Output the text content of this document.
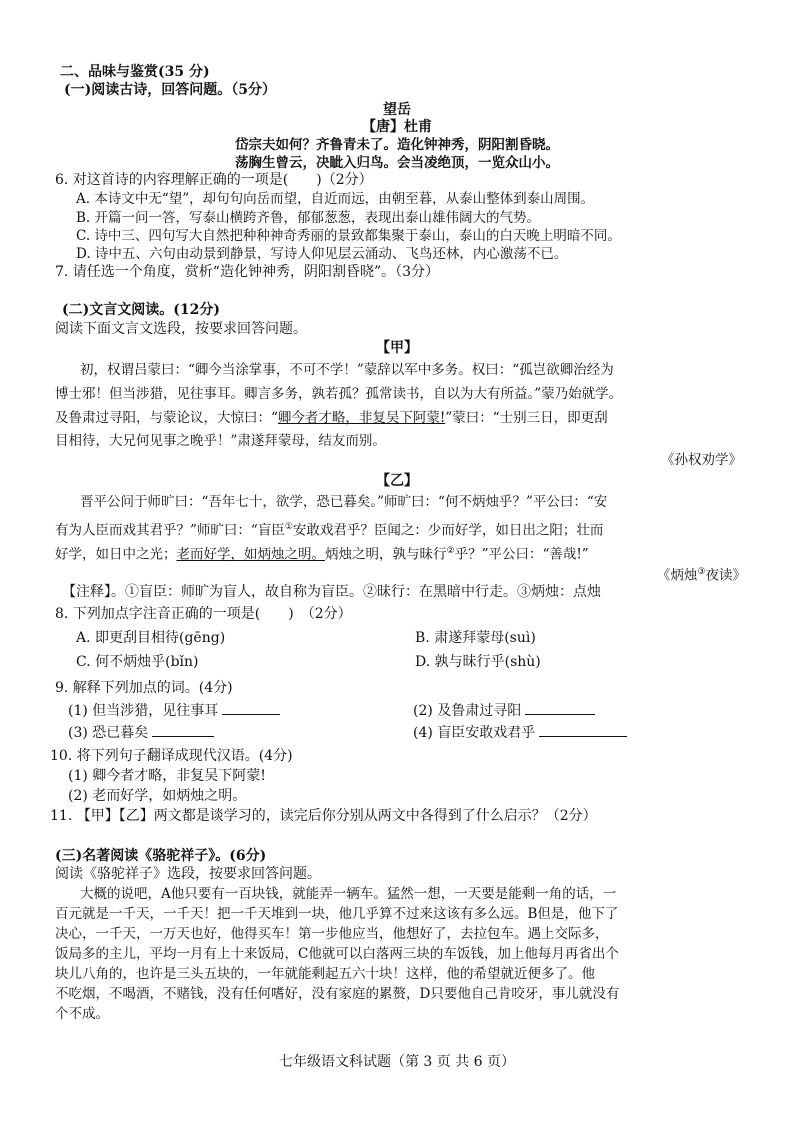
二、品味与鉴赏(35 分)
(一)阅读古诗，回答问题。（5分）
望岳
【唐】杜甫
岱宗夫如何？齐鲁青未了。造化钟神秀，阴阳割昏晓。
荡胸生曾云，决眦入归鸟。会当凌绝顶，一览众山小。
6. 对这首诗的内容理解正确的一项是(　　)（2分）
A. 本诗文中无“望”，却句句向岳而望，自近而远，由朝至暮，从泰山整体到泰山周围。
B. 开篇一问一答，写泰山横跨齐鲁，郁郁葱葱，表现出泰山雄伟阔大的气势。
C. 诗中三、四句写大自然把种种神奇秀丽的景致都集聚于泰山，泰山的白天晚上明暗不同。
D. 诗中五、六句由动景到静景，写诗人仰见层云涌动、飞鸟还林，内心激荡不已。
7. 请任选一个角度，赏析“造化钟神秀，阴阳割昏晓”。（3分）
(二)文言文阅读。(12分)
阅读下面文言文选段，按要求回答问题。
【甲】
初，权谓吕蒙曰：“卿今当涂掌事，不可不学！”蒙辞以军中多务。权曰：“孤岂欲卿治经为
博士邪！但当涉猎，见往事耳。卿言多务，孰若孤？孤常读书，自以为大有所益。”蒙乃始就学。
及鲁肃过寻阳，与蒙论议，大惊曰：“卿今者才略，非复吴下阿蒙!”蒙曰：“士别三日，即更刮
目相待，大兄何见事之晚乎！”肃遂拜蒙母，结友而别。
《孙权劝学》
【乙】
晋平公问于师旷曰：“吾年七十，欲学，恐已暮矣。”师旷曰：“何不炳烛乎？”平公曰：“安
有为人臣而戏其君乎？”师旷曰：“盲臣①安敢戏君乎？臣闻之：少而好学，如日出之阳；壮而
好学，如日中之光；老而好学，如炳烛之明。炳烛之明，孰与昧行②乎？”平公曰：“善哉!”
《炳烛③夜读》
【注释】。①盲臣：师旷为盲人，故自称为盲臣。②昧行：在黑暗中行走。③炳烛：点烛
8. 下列加点字注音正确的一项是(　　)　（2分）
A. 即更刮目相待(gēng)	B. 肃遂拜蒙母(suì)
C. 何不炳烛乎(bǐn)	D. 孰与昧行乎(shù)
9. 解释下列加点的词。(4分)
(1) 但当涉猎，见往事耳	(2) 及鲁肃过寻阳
(3) 恐已暮矣	(4) 盲臣安敢戏君乎
10. 将下列句子翻译成现代汉语。(4分)
(1) 卿今者才略，非复吴下阿蒙!
(2) 老而好学，如炳烛之明。
11. 【甲】【乙】两文都是谈学习的，读完后你分别从两文中各得到了什么启示？（2分）
(三)名著阅读《骆驼祥子》。(6分)
阅读《骆驼祥子》选段，按要求回答问题。
大概的说吧，A他只要有一百块钱，就能弄一辆车。猛然一想，一天要是能剩一角的话，一
百元就是一千天，一千天！把一千天堆到一块，他几乎算不过来这该有多么远。B但是，他下了
决心，一千天，一万天也好，他得买车！第一步他应当，他想好了，去拉包车。遇上交际多，
饭局多的主儿，平均一月有上十来饭局，C他就可以白落两三块的车饭钱，加上他每月再省出个
块儿八角的，也许是三头五块的，一年就能剩起五六十块！这样，他的希望就近便多了。他
不吃烟，不喝酒，不赌钱，没有任何嗜好，没有家庭的累赘，D只要他自己肯咬牙，事儿就没有
个不成。
七年级语文科试题（第 3 页 共 6 页）
